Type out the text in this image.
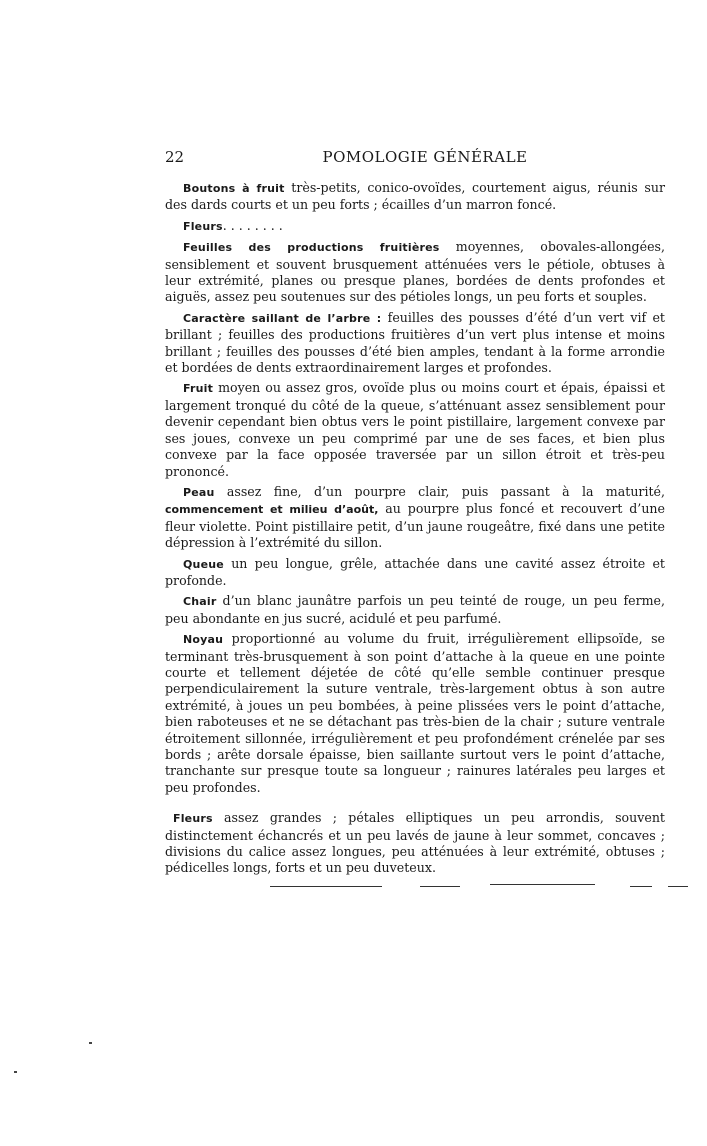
22	POMOLOGIE GÉNÉRALE

Boutons à fruit très-petits, conico-ovoïdes, courtement aigus, réunis sur des dards courts et un peu forts ; écailles d’un marron foncé.

Fleurs. . . . . . . .

Feuilles des productions fruitières moyennes, obovales-allongées, sensiblement et souvent brusquement atténuées vers le pétiole, obtuses à leur extrémité, planes ou presque planes, bordées de dents profondes et aiguës, assez peu soutenues sur des pétioles longs, un peu forts et souples.

Caractère saillant de l’arbre : feuilles des pousses d’été d’un vert vif et brillant ; feuilles des productions fruitières d’un vert plus intense et moins brillant ; feuilles des pousses d’été bien amples, tendant à la forme arrondie et bordées de dents extraordinairement larges et profondes.

Fruit moyen ou assez gros, ovoïde plus ou moins court et épais, épaissi et largement tronqué du côté de la queue, s’atténuant assez sensiblement pour devenir cependant bien obtus vers le point pistillaire, largement convexe par ses joues, convexe un peu comprimé par une de ses faces, et bien plus convexe par la face opposée traversée par un sillon étroit et très-peu prononcé.

Peau assez fine, d’un pourpre clair, puis passant à la maturité, commencement et milieu d’août, au pourpre plus foncé et recouvert d’une fleur violette. Point pistillaire petit, d’un jaune rougeâtre, fixé dans une petite dépression à l’extrémité du sillon.

Queue un peu longue, grêle, attachée dans une cavité assez étroite et profonde.

Chair d’un blanc jaunâtre parfois un peu teinté de rouge, un peu ferme, peu abondante en jus sucré, acidulé et peu parfumé.

Noyau proportionné au volume du fruit, irrégulièrement ellipsoïde, se terminant très-brusquement à son point d’attache à la queue en une pointe courte et tellement déjetée de côté qu’elle semble continuer presque perpendiculairement la suture ventrale, très-largement obtus à son autre extrémité, à joues un peu bombées, à peine plissées vers le point d’attache, bien raboteuses et ne se détachant pas très-bien de la chair ; suture ventrale étroitement sillonnée, irrégulièrement et peu profondément crénelée par ses bords ; arête dorsale épaisse, bien saillante surtout vers le point d’attache, tranchante sur presque toute sa longueur ; rainures latérales peu larges et peu profondes.

Fleurs assez grandes ; pétales elliptiques un peu arrondis, souvent distinctement échancrés et un peu lavés de jaune à leur sommet, concaves ; divisions du calice assez longues, peu atténuées à leur extrémité, obtuses ; pédicelles longs, forts et un peu duveteux.
